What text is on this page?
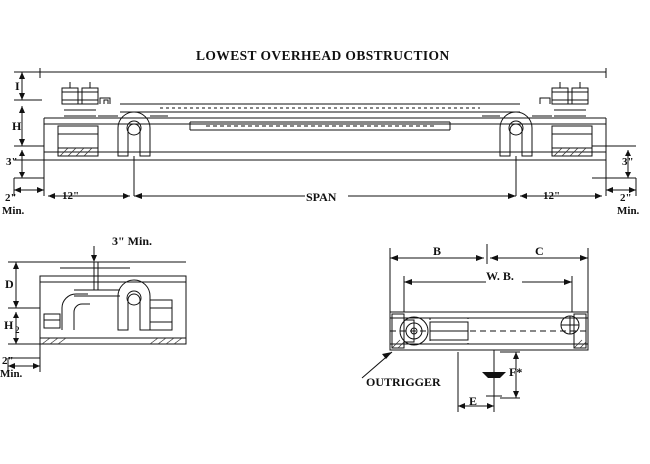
LOWEST OVERHEAD OBSTRUCTION
I
H
3"	3"
2"
Min.
2"
Min.
12"	12"
SPAN
3" Min.
D
H 2
2"
Min.
B	C
W. B.
OUTRIGGER
E
F*
